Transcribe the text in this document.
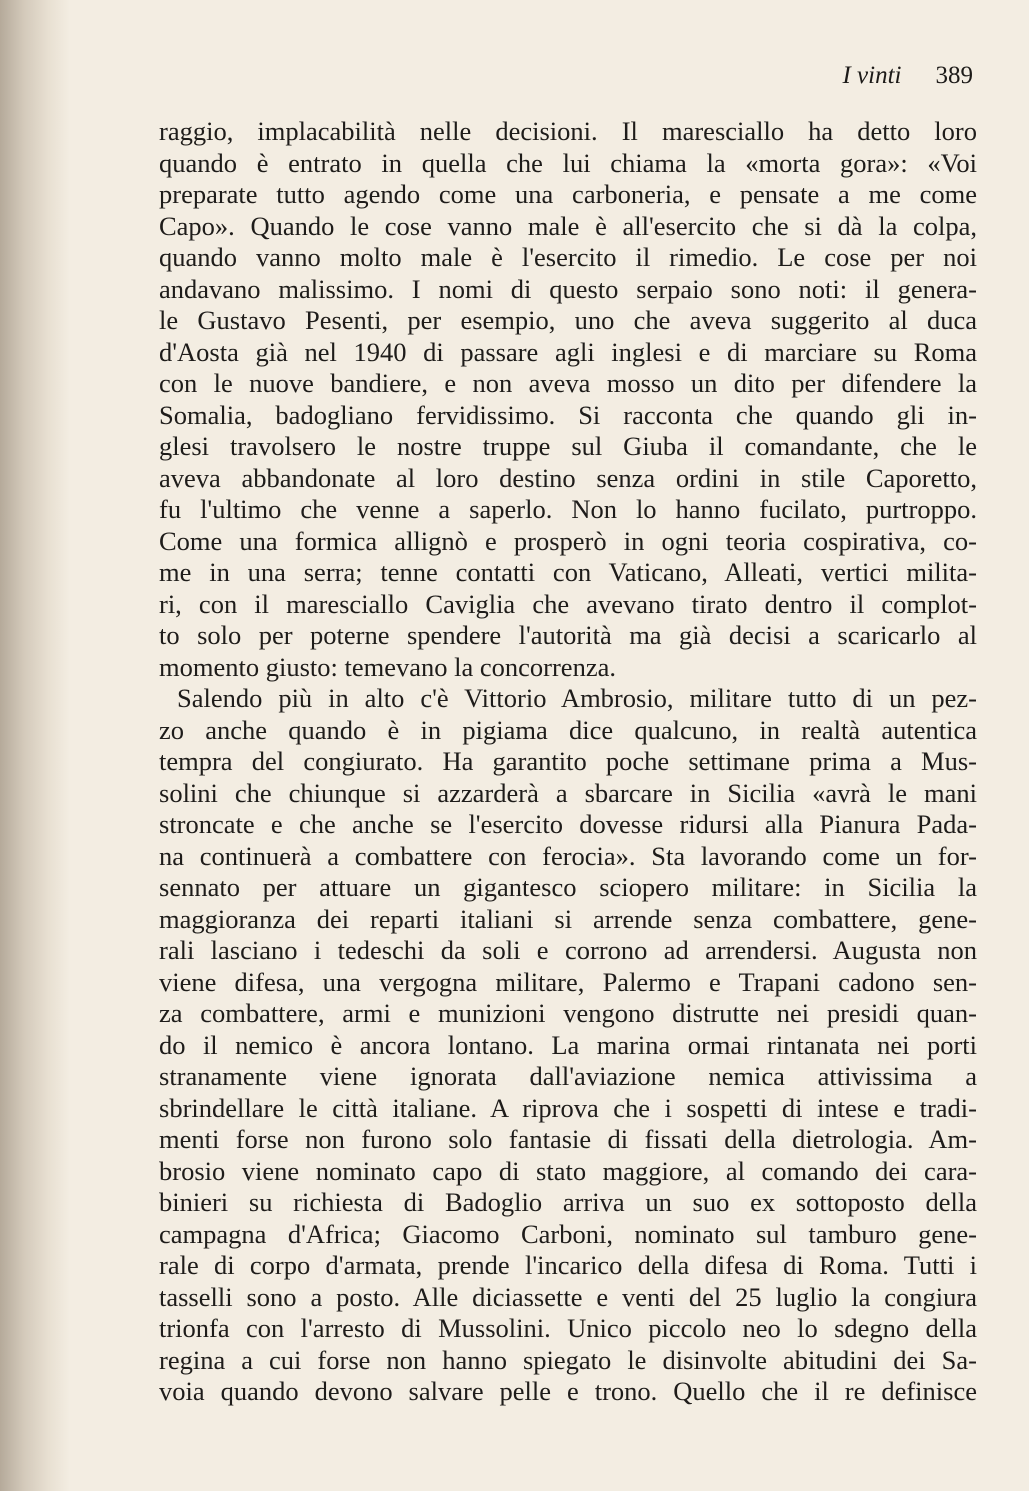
I vinti 389
raggio, implacabilità nelle decisioni. Il maresciallo ha detto loro
quando è entrato in quella che lui chiama la «morta gora»: «Voi
preparate tutto agendo come una carboneria, e pensate a me come
Capo». Quando le cose vanno male è all'esercito che si dà la colpa,
quando vanno molto male è l'esercito il rimedio. Le cose per noi
andavano malissimo. I nomi di questo serpaio sono noti: il genera-
le Gustavo Pesenti, per esempio, uno che aveva suggerito al duca
d'Aosta già nel 1940 di passare agli inglesi e di marciare su Roma
con le nuove bandiere, e non aveva mosso un dito per difendere la
Somalia, badogliano fervidissimo. Si racconta che quando gli in-
glesi travolsero le nostre truppe sul Giuba il comandante, che le
aveva abbandonate al loro destino senza ordini in stile Caporetto,
fu l'ultimo che venne a saperlo. Non lo hanno fucilato, purtroppo.
Come una formica allignò e prosperò in ogni teoria cospirativa, co-
me in una serra; tenne contatti con Vaticano, Alleati, vertici milita-
ri, con il maresciallo Caviglia che avevano tirato dentro il complot-
to solo per poterne spendere l'autorità ma già decisi a scaricarlo al
momento giusto: temevano la concorrenza.
Salendo più in alto c'è Vittorio Ambrosio, militare tutto di un pez-
zo anche quando è in pigiama dice qualcuno, in realtà autentica
tempra del congiurato. Ha garantito poche settimane prima a Mus-
solini che chiunque si azzarderà a sbarcare in Sicilia «avrà le mani
stroncate e che anche se l'esercito dovesse ridursi alla Pianura Pada-
na continuerà a combattere con ferocia». Sta lavorando come un for-
sennato per attuare un gigantesco sciopero militare: in Sicilia la
maggioranza dei reparti italiani si arrende senza combattere, gene-
rali lasciano i tedeschi da soli e corrono ad arrendersi. Augusta non
viene difesa, una vergogna militare, Palermo e Trapani cadono sen-
za combattere, armi e munizioni vengono distrutte nei presidi quan-
do il nemico è ancora lontano. La marina ormai rintanata nei porti
stranamente viene ignorata dall'aviazione nemica attivissima a
sbrindellare le città italiane. A riprova che i sospetti di intese e tradi-
menti forse non furono solo fantasie di fissati della dietrologia. Am-
brosio viene nominato capo di stato maggiore, al comando dei cara-
binieri su richiesta di Badoglio arriva un suo ex sottoposto della
campagna d'Africa; Giacomo Carboni, nominato sul tamburo gene-
rale di corpo d'armata, prende l'incarico della difesa di Roma. Tutti i
tasselli sono a posto. Alle diciassette e venti del 25 luglio la congiura
trionfa con l'arresto di Mussolini. Unico piccolo neo lo sdegno della
regina a cui forse non hanno spiegato le disinvolte abitudini dei Sa-
voia quando devono salvare pelle e trono. Quello che il re definisce
